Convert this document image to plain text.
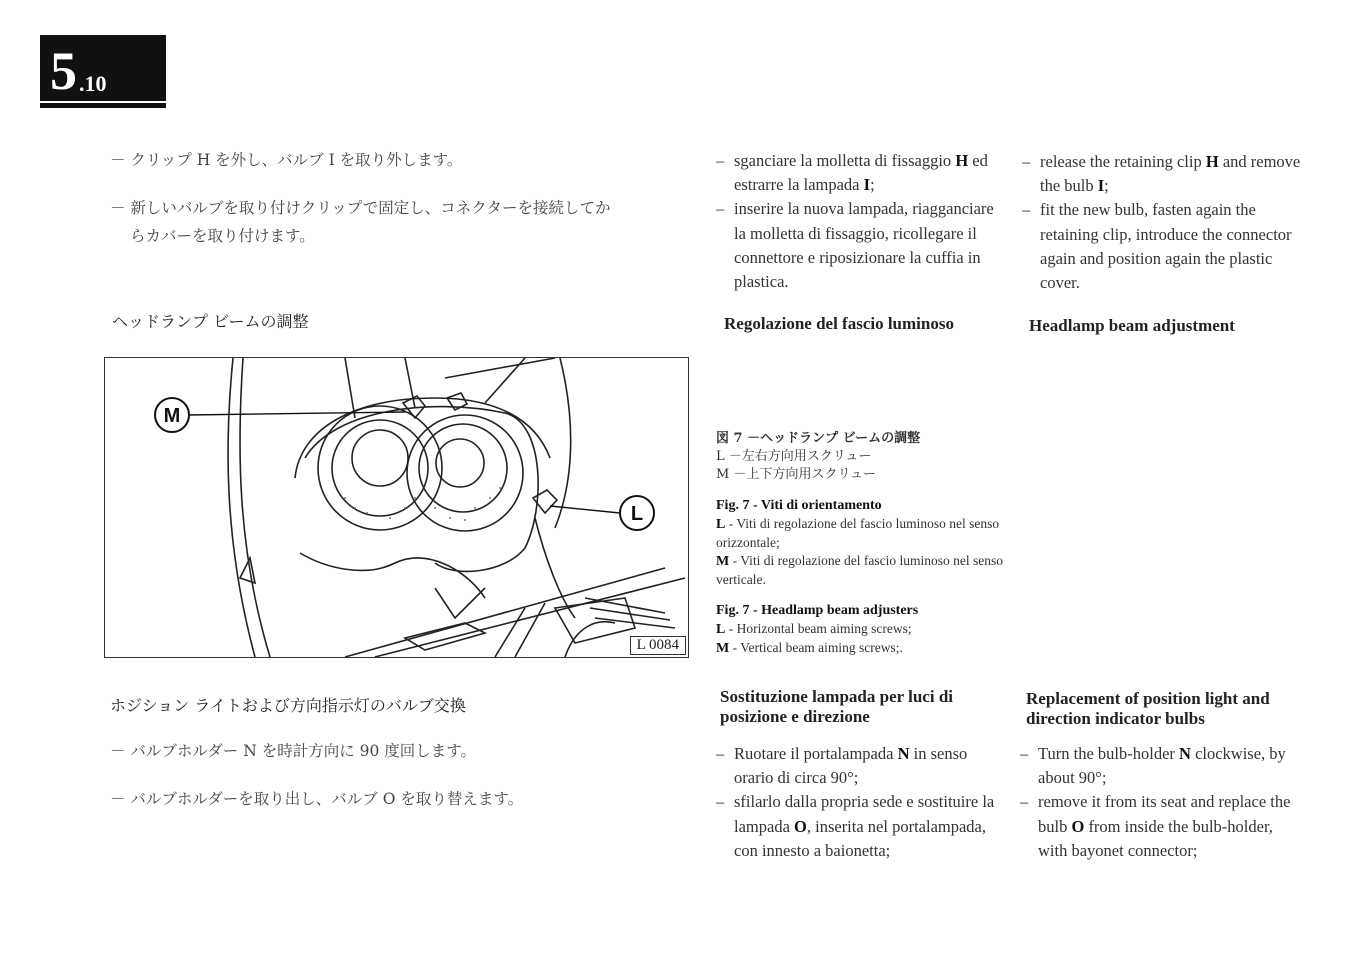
5 .10
－ クリップ H を外し、バルブ I を取り外します。
－ 新しいバルブを取り付けクリップで固定し、コネクターを接続してか
らカバーを取り付けます。
ヘッドランプ ビームの調整
– sganciare la molletta di fissaggio H ed estrarre la lampada I;
– inserire la nuova lampada, riagganciare la molletta di fissaggio, ricollegare il connettore e riposizionare la cuffia in plastica.
Regolazione del fascio luminoso
– release the retaining clip H and remove the bulb I;
– fit the new bulb, fasten again the retaining clip, introduce the connector again and position again the plastic cover.
Headlamp beam adjustment
M
L
L 0084
図 7 －ヘッドランプ ビームの調整
L －左右方向用スクリュー
M －上下方向用スクリュー
Fig. 7 - Viti di orientamento
L - Viti di regolazione del fascio luminoso nel senso orizzontale;
M - Viti di regolazione del fascio luminoso nel senso verticale.
Fig. 7 - Headlamp beam adjusters
L - Horizontal beam aiming screws;
M - Vertical beam aiming screws;.
ホジション ライトおよび方向指示灯のバルブ交換
－ バルブホルダー N を時計方向に 90 度回します。
－ バルブホルダーを取り出し、バルブ O を取り替えます。
Sostituzione lampada per luci di posizione e direzione
– Ruotare il portalampada N in senso orario di circa 90°;
– sfilarlo dalla propria sede e sostituire la lampada O, inserita nel portalampada, con innesto a baionetta;
Replacement of position light and direction indicator bulbs
– Turn the bulb-holder N clockwise, by about 90°;
– remove it from its seat and replace the bulb O from inside the bulb-holder, with bayonet connector;
